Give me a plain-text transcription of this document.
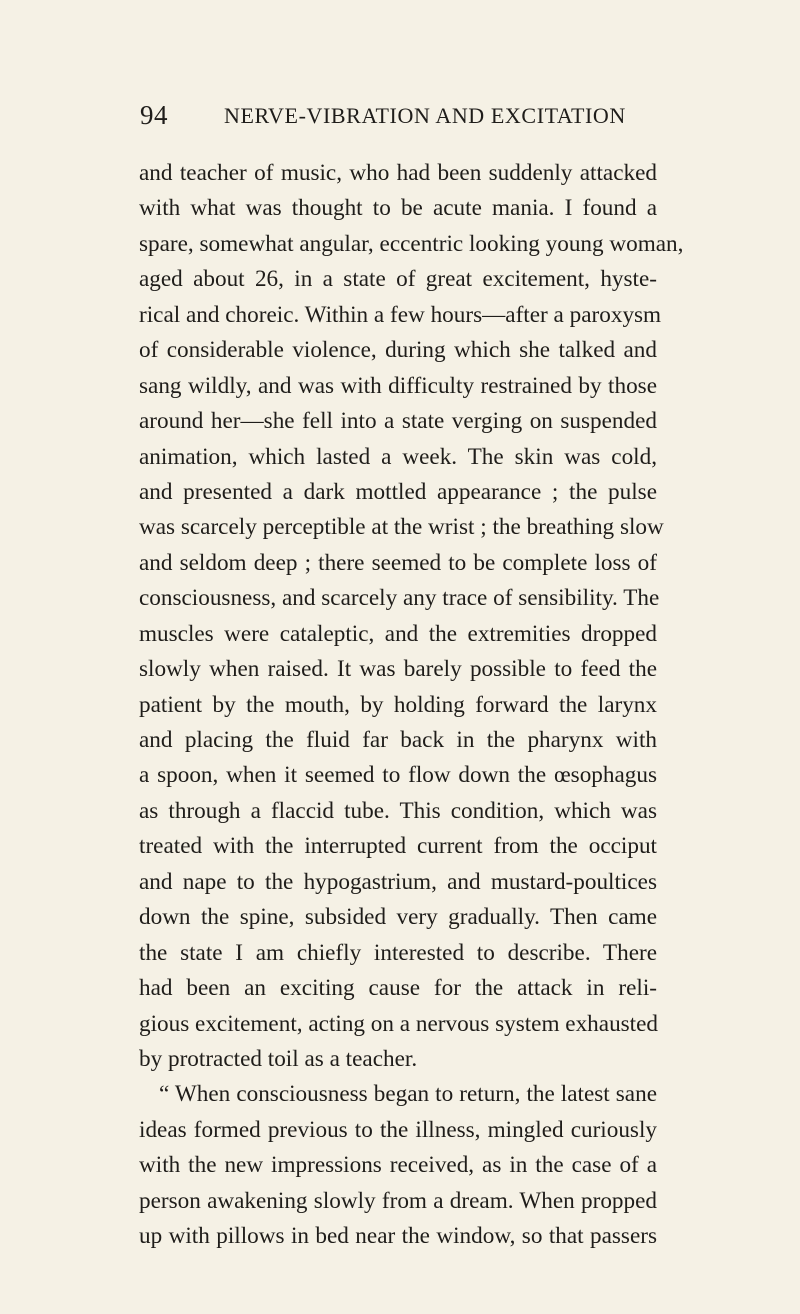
94	NERVE-VIBRATION AND EXCITATION
and teacher of music, who had been suddenly attacked
with what was thought to be acute mania. I found a
spare, somewhat angular, eccentric looking young woman,
aged about 26, in a state of great excitement, hyste-
rical and choreic. Within a few hours—after a paroxysm
of considerable violence, during which she talked and
sang wildly, and was with difficulty restrained by those
around her—she fell into a state verging on suspended
animation, which lasted a week. The skin was cold,
and presented a dark mottled appearance ; the pulse
was scarcely perceptible at the wrist ; the breathing slow
and seldom deep ; there seemed to be complete loss of
consciousness, and scarcely any trace of sensibility. The
muscles were cataleptic, and the extremities dropped
slowly when raised. It was barely possible to feed the
patient by the mouth, by holding forward the larynx
and placing the fluid far back in the pharynx with
a spoon, when it seemed to flow down the œsophagus
as through a flaccid tube. This condition, which was
treated with the interrupted current from the occiput
and nape to the hypogastrium, and mustard-poultices
down the spine, subsided very gradually. Then came
the state I am chiefly interested to describe. There
had been an exciting cause for the attack in reli-
gious excitement, acting on a nervous system exhausted
by protracted toil as a teacher.
“ When consciousness began to return, the latest sane
ideas formed previous to the illness, mingled curiously
with the new impressions received, as in the case of a
person awakening slowly from a dream. When propped
up with pillows in bed near the window, so that passers
